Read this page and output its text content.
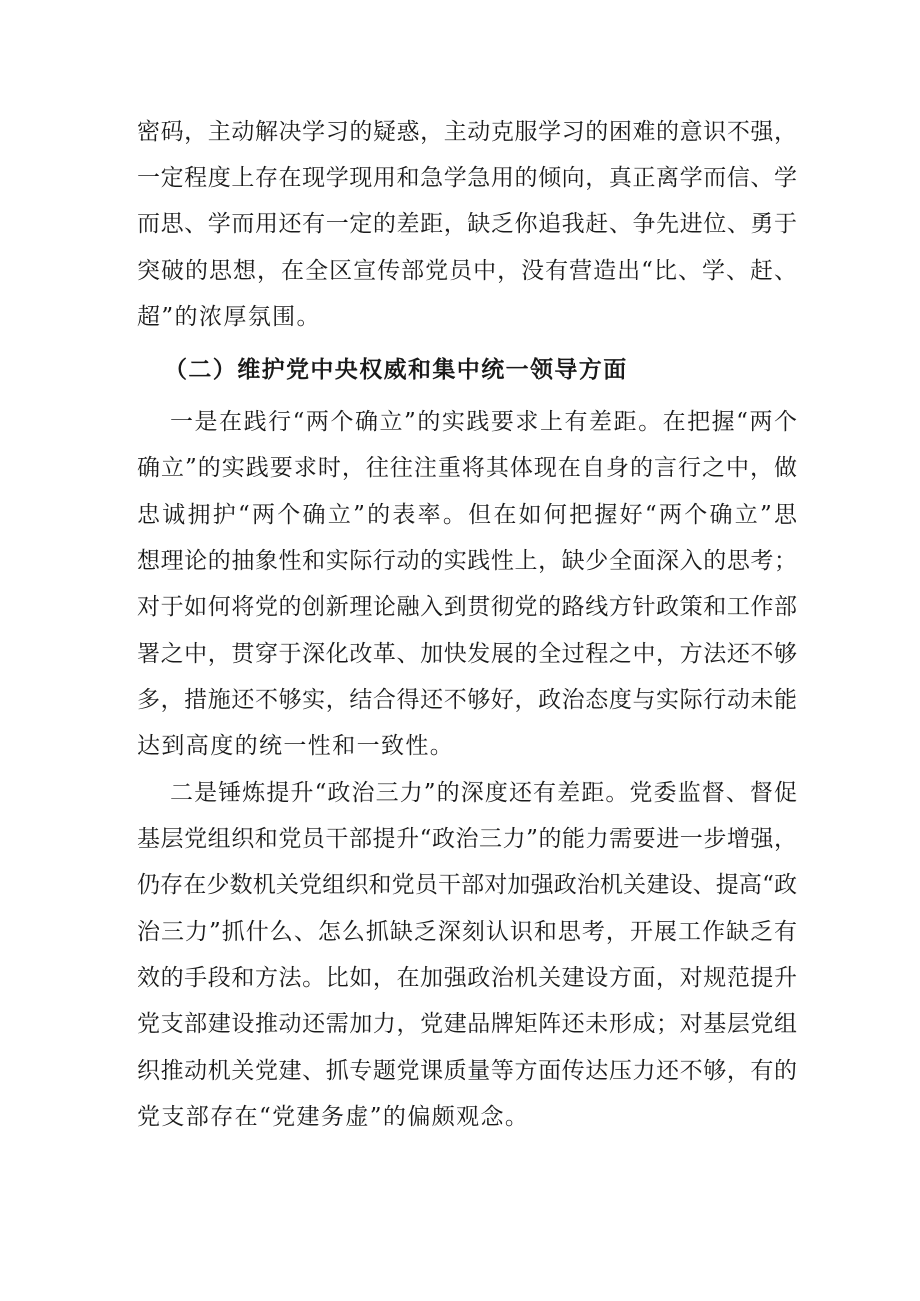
密码，主动解决学习的疑惑，主动克服学习的困难的意识不强，
一定程度上存在现学现用和急学急用的倾向，真正离学而信、学
而思、学而用还有一定的差距，缺乏你追我赶、争先进位、勇于
突破的思想，在全区宣传部党员中，没有营造出“比、学、赶、
超”的浓厚氛围。
（二）维护党中央权威和集中统一领导方面
一是在践行“两个确立”的实践要求上有差距。在把握“两个
确立”的实践要求时，往往注重将其体现在自身的言行之中，做
忠诚拥护“两个确立”的表率。但在如何把握好“两个确立”思
想理论的抽象性和实际行动的实践性上，缺少全面深入的思考；
对于如何将党的创新理论融入到贯彻党的路线方针政策和工作部
署之中，贯穿于深化改革、加快发展的全过程之中，方法还不够
多，措施还不够实，结合得还不够好，政治态度与实际行动未能
达到高度的统一性和一致性。
二是锤炼提升“政治三力”的深度还有差距。党委监督、督促
基层党组织和党员干部提升“政治三力”的能力需要进一步增强，
仍存在少数机关党组织和党员干部对加强政治机关建设、提高“政
治三力”抓什么、怎么抓缺乏深刻认识和思考，开展工作缺乏有
效的手段和方法。比如，在加强政治机关建设方面，对规范提升
党支部建设推动还需加力，党建品牌矩阵还未形成；对基层党组
织推动机关党建、抓专题党课质量等方面传达压力还不够，有的
党支部存在“党建务虚”的偏颇观念。
